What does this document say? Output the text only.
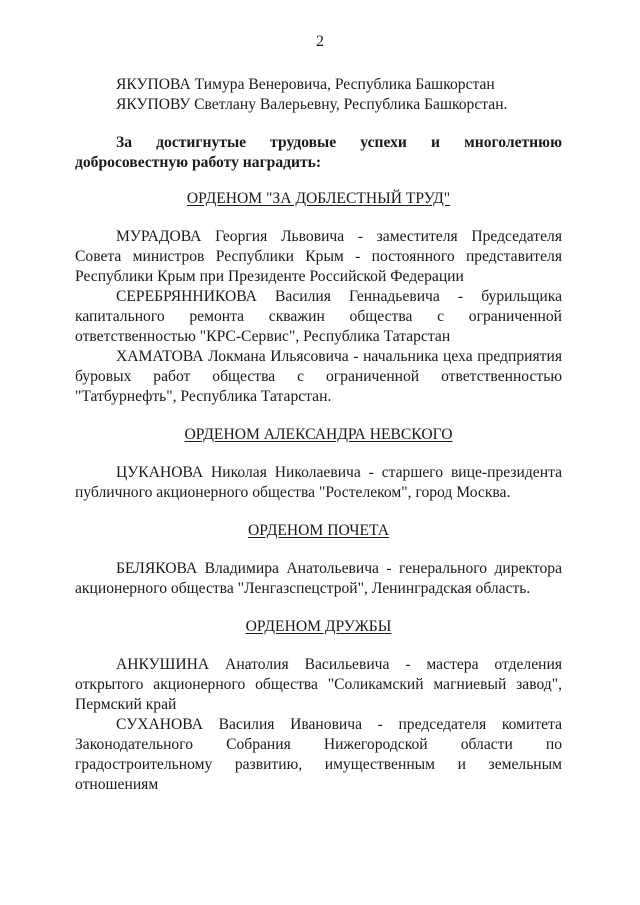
2

ЯКУПОВА Тимура Венеровича, Республика Башкорстан

ЯКУПОВУ Светлану Валерьевну, Республика Башкорстан.

За достигнутые трудовые успехи и многолетнюю добросовестную работу наградить:

ОРДЕНОМ "ЗА ДОБЛЕСТНЫЙ ТРУД"

МУРАДОВА Георгия Львовича - заместителя Председателя Совета министров Республики Крым - постоянного представителя Республики Крым при Президенте Российской Федерации

СЕРЕБРЯННИКОВА Василия Геннадьевича - бурильщика капитального ремонта скважин общества с ограниченной ответственностью "КРС-Сервис", Республика Татарстан

ХАМАТОВА Локмана Ильясовича - начальника цеха предприятия буровых работ общества с ограниченной ответственностью "Татбурнефть", Республика Татарстан.

ОРДЕНОМ АЛЕКСАНДРА НЕВСКОГО

ЦУКАНОВА Николая Николаевича - старшего вице-президента публичного акционерного общества "Ростелеком", город Москва.

ОРДЕНОМ ПОЧЕТА

БЕЛЯКОВА Владимира Анатольевича - генерального директора акционерного общества "Ленгазспецстрой", Ленинградская область.

ОРДЕНОМ ДРУЖБЫ

АНКУШИНА Анатолия Васильевича - мастера отделения открытого акционерного общества "Соликамский магниевый завод", Пермский край

СУХАНОВА Василия Ивановича - председателя комитета Законодательного Собрания Нижегородской области по градостроительному развитию, имущественным и земельным отношениям
